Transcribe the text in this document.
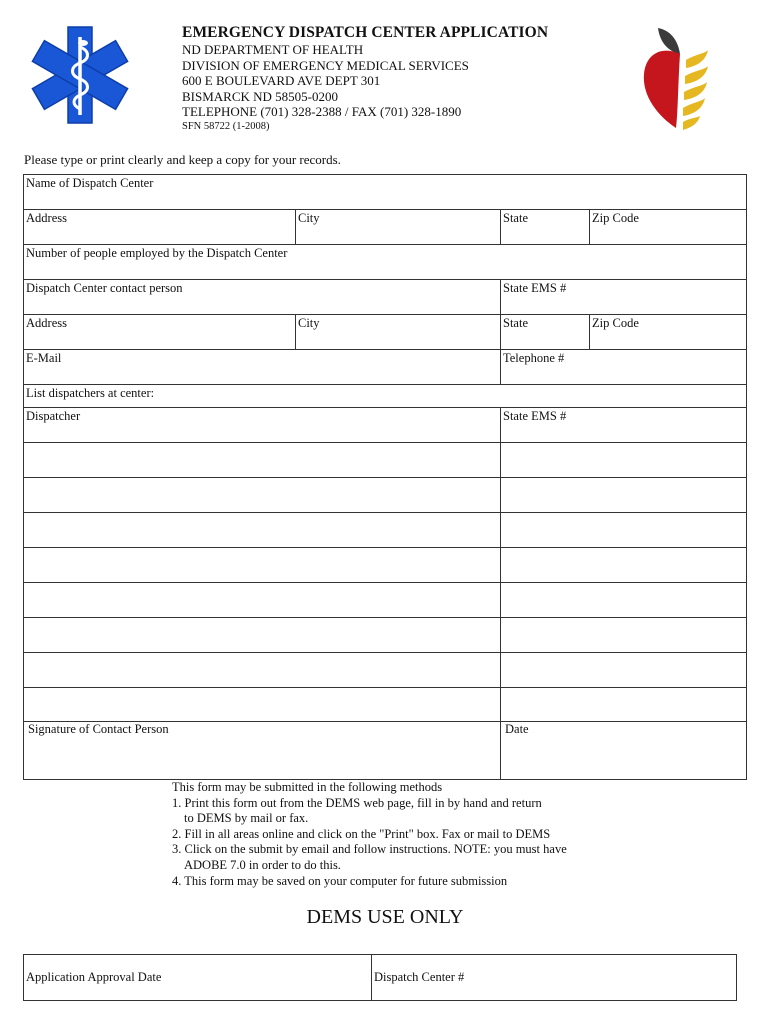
EMERGENCY DISPATCH CENTER APPLICATION
ND DEPARTMENT OF HEALTH
DIVISION OF EMERGENCY MEDICAL SERVICES
600 E BOULEVARD AVE DEPT 301
BISMARCK ND 58505-0200
TELEPHONE (701) 328-2388 / FAX (701) 328-1890
SFN 58722 (1-2008)
Please type or print clearly and keep a copy for your records.
Name of Dispatch Center
Address	City	State	Zip Code
Number of people employed by the Dispatch Center
Dispatch Center contact person	State EMS #
Address	City	State	Zip Code
E-Mail	Telephone #
List dispatchers at center:
Dispatcher	State EMS #
Signature of Contact Person	Date
This form may be submitted in the following methods
1. Print this form out from the DEMS web page, fill in by hand and return
to DEMS by mail or fax.
2. Fill in all areas online and click on the "Print" box. Fax or mail to DEMS
3. Click on the submit by email and follow instructions. NOTE: you must have
ADOBE 7.0 in order to do this.
4. This form may be saved on your computer for future submission
DEMS USE ONLY
Application Approval Date	Dispatch Center #
